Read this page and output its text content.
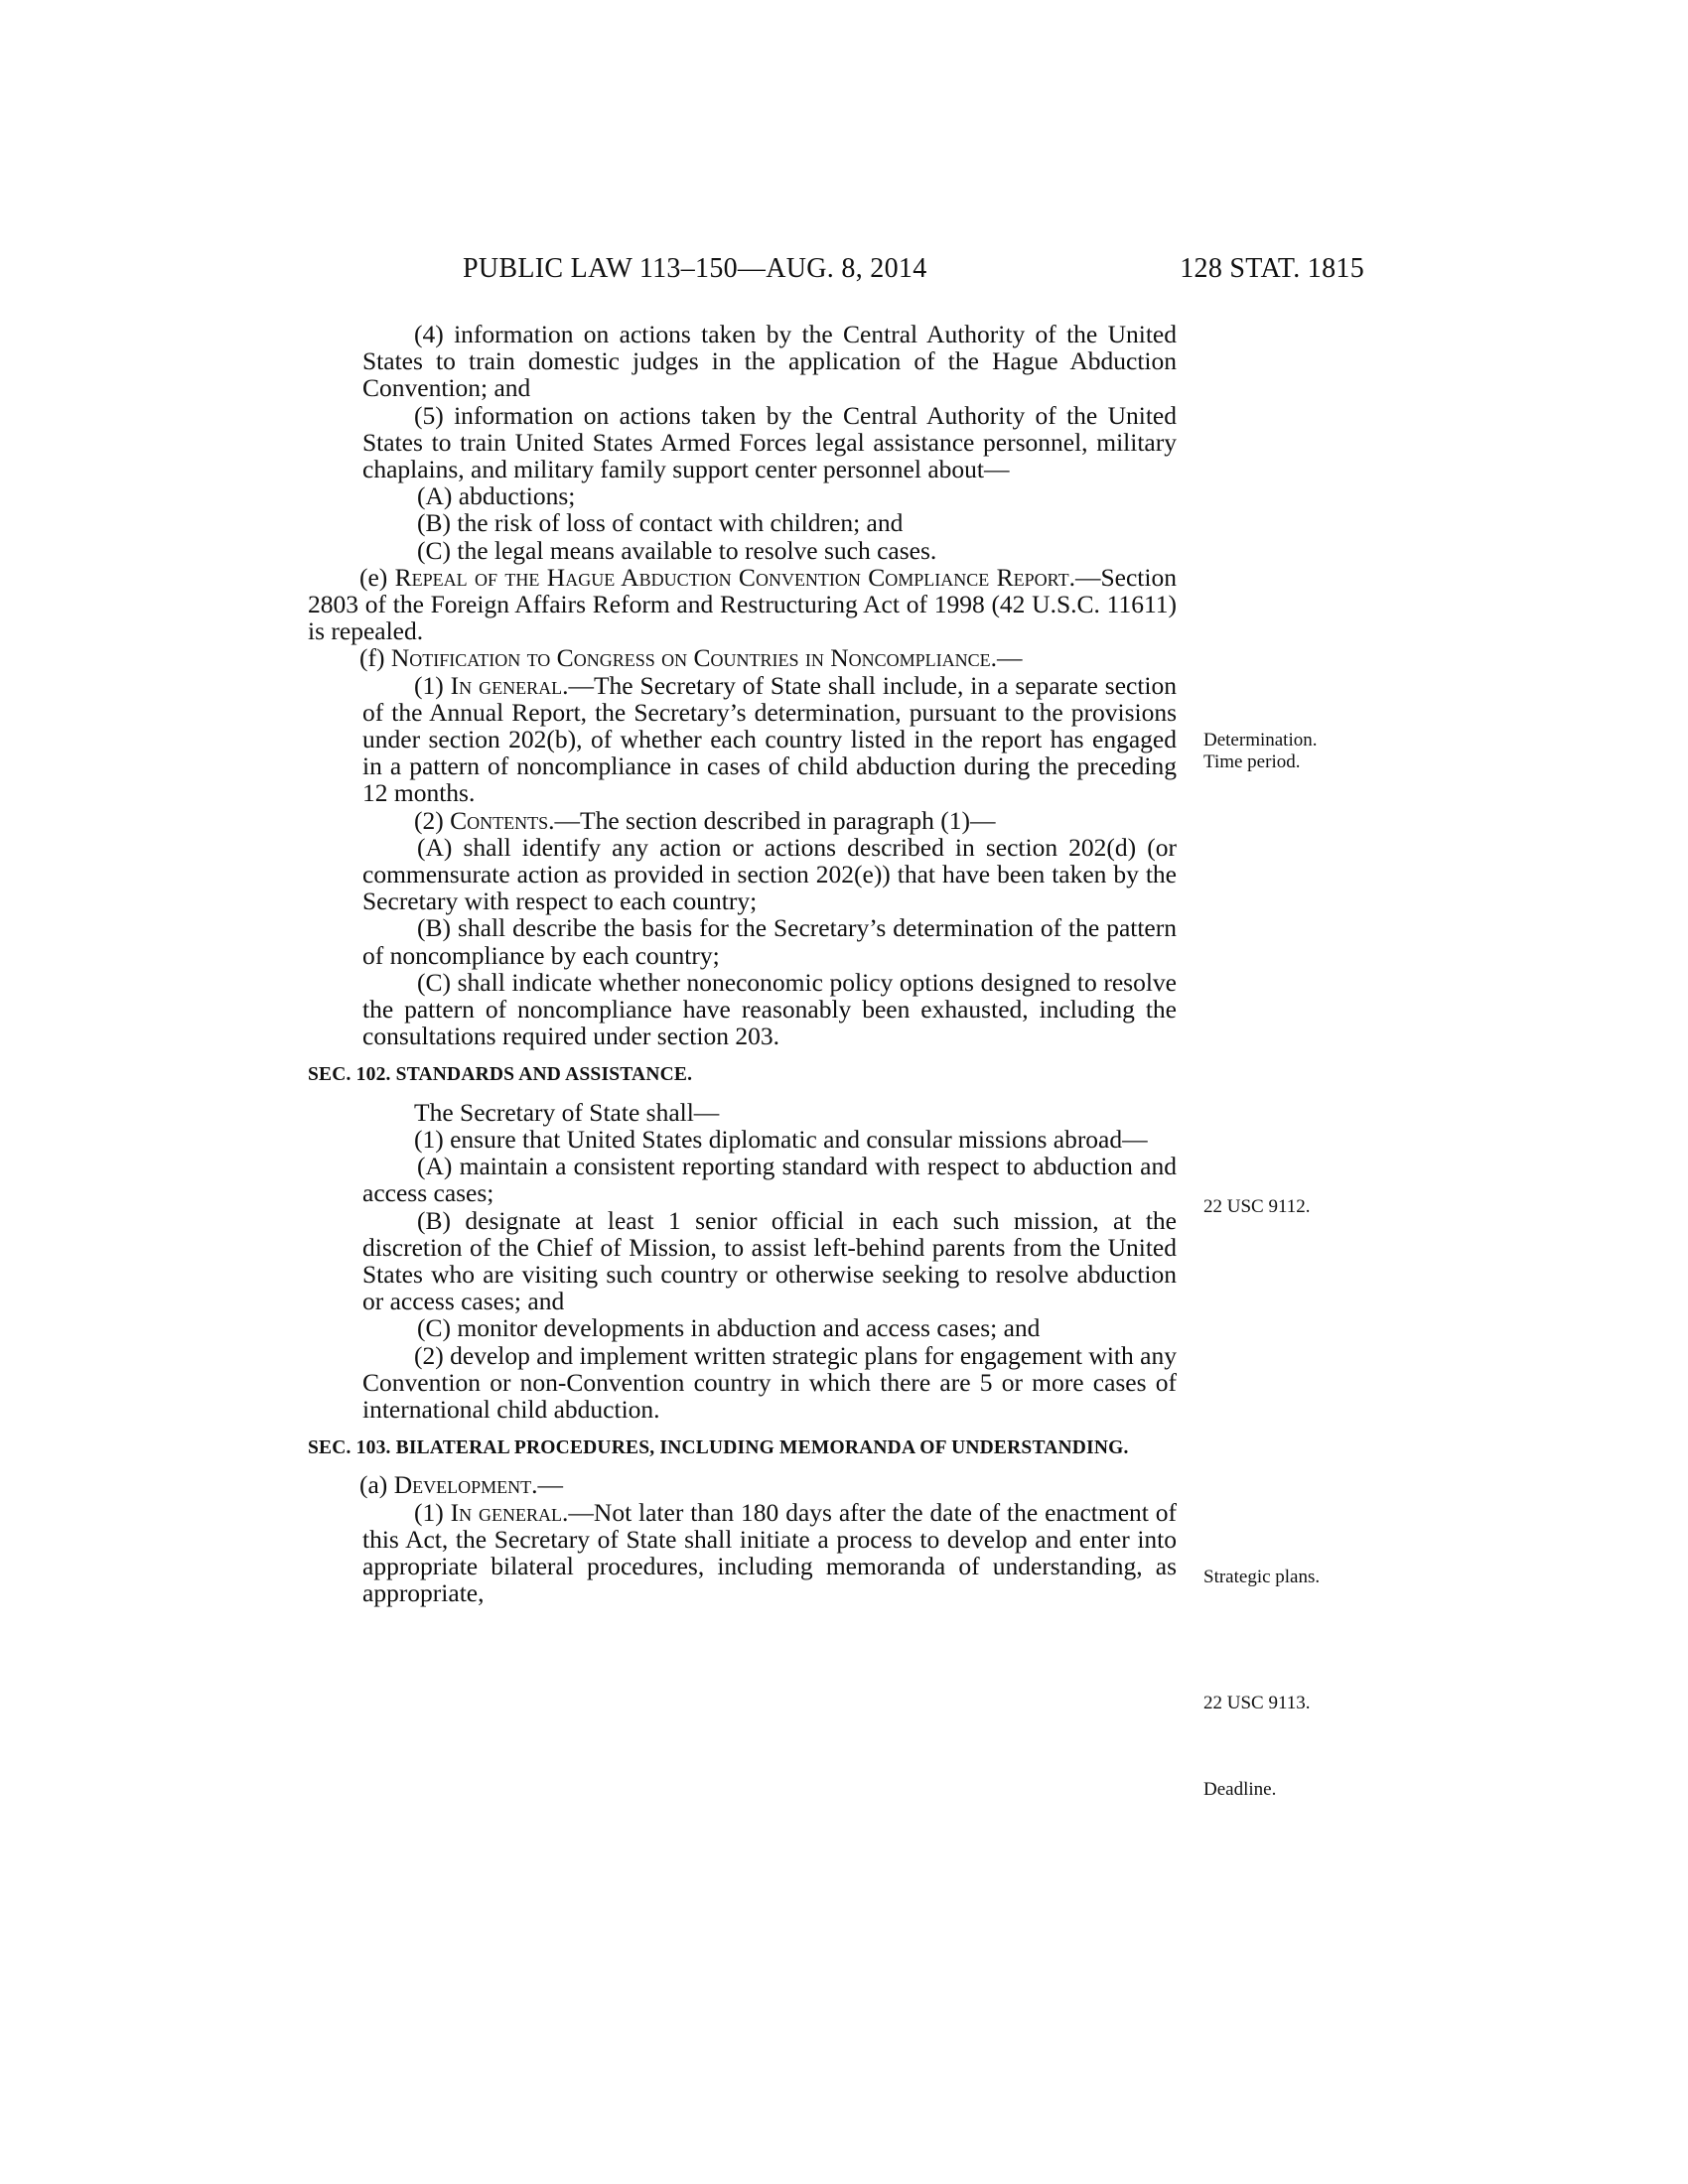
PUBLIC LAW 113–150—AUG. 8, 2014	128 STAT. 1815

(4) information on actions taken by the Central Authority of the United States to train domestic judges in the application of the Hague Abduction Convention; and

(5) information on actions taken by the Central Authority of the United States to train United States Armed Forces legal assistance personnel, military chaplains, and military family support center personnel about—

(A) abductions;

(B) the risk of loss of contact with children; and

(C) the legal means available to resolve such cases.

(e) Repeal of the Hague Abduction Convention Compliance Report.—Section 2803 of the Foreign Affairs Reform and Restructuring Act of 1998 (42 U.S.C. 11611) is repealed.

(f) Notification to Congress on Countries in Noncompliance.—

(1) In general.—The Secretary of State shall include, in a separate section of the Annual Report, the Secretary’s determination, pursuant to the provisions under section 202(b), of whether each country listed in the report has engaged in a pattern of noncompliance in cases of child abduction during the preceding 12 months.

(2) Contents.—The section described in paragraph (1)—

(A) shall identify any action or actions described in section 202(d) (or commensurate action as provided in section 202(e)) that have been taken by the Secretary with respect to each country;

(B) shall describe the basis for the Secretary’s determination of the pattern of noncompliance by each country;

(C) shall indicate whether noneconomic policy options designed to resolve the pattern of noncompliance have reasonably been exhausted, including the consultations required under section 203.

SEC. 102. STANDARDS AND ASSISTANCE.

The Secretary of State shall—

(1) ensure that United States diplomatic and consular missions abroad—

(A) maintain a consistent reporting standard with respect to abduction and access cases;

(B) designate at least 1 senior official in each such mission, at the discretion of the Chief of Mission, to assist left-behind parents from the United States who are visiting such country or otherwise seeking to resolve abduction or access cases; and

(C) monitor developments in abduction and access cases; and

(2) develop and implement written strategic plans for engagement with any Convention or non-Convention country in which there are 5 or more cases of international child abduction.

SEC. 103. BILATERAL PROCEDURES, INCLUDING MEMORANDA OF UNDERSTANDING.

(a) Development.—

(1) In general.—Not later than 180 days after the date of the enactment of this Act, the Secretary of State shall initiate a process to develop and enter into appropriate bilateral procedures, including memoranda of understanding, as appropriate,

Determination.
Time period.
22 USC 9112.
Strategic plans.
22 USC 9113.
Deadline.
